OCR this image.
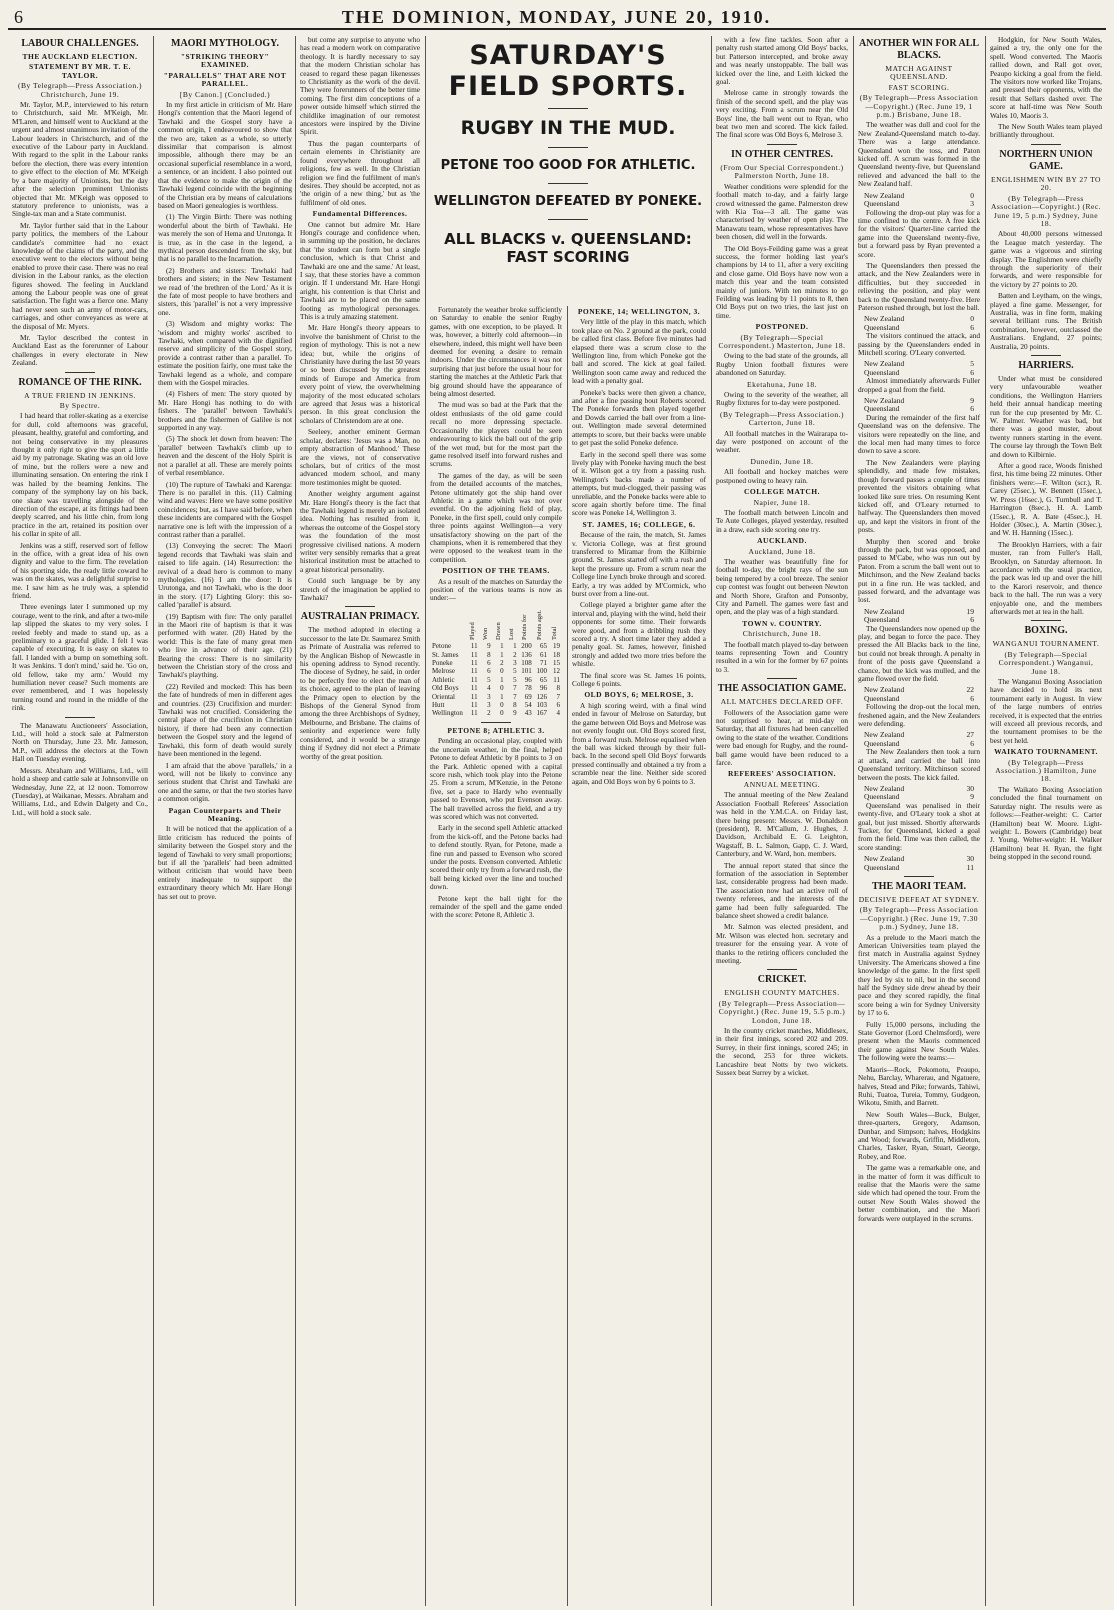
6	THE DOMINION, MONDAY, JUNE 20, 1910.
LABOUR CHALLENGES.
THE AUCKLAND ELECTION.
STATEMENT BY MR. T. E. TAYLOR.
(By Telegraph—Press Association.) Christchurch, June 19.

Mr. Taylor, M.P., interviewed to his return to Christchurch, said Mr. M'Keigh, Mr. M'Laren, and himself went to Auckland at the urgent and almost unanimous invitation of the Labour leaders in Christchurch, and of the executive of the Labour party in Auckland. With regard to the split in the Labour ranks before the election, there was every intention to give effect to the election of Mr. M'Keigh by a bare majority of Unionists, but the day after the selection prominent Unionists objected that Mr. M'Keigh was opposed to statutory preference to unionists, was a Single-tax man and a State communist.

Mr. Taylor further said that in the Labour party politics, the members of the Labour candidate's committee had no exact knowledge of the claims of the party, and the executive went to the electors without being enabled to prove their case. There was no real division in the Labour ranks, as the election figures showed. The feeling in Auckland among the Labour people was one of great satisfaction. The fight was a fierce one. Many had never seen such an army of motor-cars, carriages, and other conveyances as were at the disposal of Mr. Myers.

Mr. Taylor described the contest in Auckland East as the forerunner of Labour challenges in every electorate in New Zealand.

ROMANCE OF THE RINK.
A TRUE FRIEND IN JENKINS.
By Spectre.

I had heard that roller-skating as a exercise for dull, cold afternoons was graceful, pleasant, healthy, grateful and comforting, and not being conservative in my pleasures thought it only right to give the sport a little aid by my patronage. Skating was an old love of mine, but the rollers were a new and illuminating sensation. On entering the rink I was hailed by the beaming Jenkins. The company of the symphony lay on his back, one skate was travelling alongside of the direction of the escape, at its fittings had been deeply scarred, and his little chin, from long practice in the art, retained its position over his collar in spite of all.

Jenkins was a stiff, reserved sort of fellow in the office, with a great idea of his own dignity and value to the firm. The revelation of his sporting side, the ready little coward he was on the skates, was a delightful surprise to me. I saw him as he truly was, a splendid friend.

Three evenings later I summoned up my courage, went to the rink, and after a two-mile lap slipped the skates to my very soles. I reeled feebly and made to stand up, as a preliminary to a graceful glide. I felt I was capable of executing. It is easy on skates to fall. I landed with a bump on something soft. It was Jenkins. 'I don't mind,' said he. 'Go on, old fellow, take my arm.' Would my humiliation never cease? Such moments are ever remembered, and I was hopelessly turning round and round in the middle of the rink.

The Manawatu Auctioneers' Association, Ltd., will hold a stock sale at Palmerston North on Thursday, June 23. Mr. Jameson, M.P., will address the electors at the Town Hall on Tuesday evening.

Messrs. Abraham and Williams, Ltd., will hold a sheep and cattle sale at Johnsonville on Wednesday, June 22, at 12 noon. Tomorrow (Tuesday), at Waikanae, Messrs. Abraham and Williams, Ltd., and Edwin Dalgety and Co., Ltd., will hold a stock sale.

MAORI MYTHOLOGY.
"STRIKING THEORY" EXAMINED.
"PARALLELS" THAT ARE NOT PARALLEL.
[By Canon.] (Concluded.)

In my first article in criticism of Mr. Hare Hongi's contention that the Maori legend of Tawhaki and the Gospel story have a common origin, I endeavoured to show that the two are, taken as a whole, so utterly dissimilar that comparison is almost impossible, although there may be an occasional superficial resemblance in a word, a sentence, or an incident. I also pointed out that the evidence to make the origin of the Tawhaki legend coincide with the beginning of the Christian era by means of calculations based on Maori genealogies is worthless.

(1) The Virgin Birth: There was nothing wonderful about the birth of Tawhaki. He was merely the son of Hema and Urutonga. It is true, as in the case in the legend, a mythical person descended from the sky, but that is no parallel to the Incarnation.

(2) Brothers and sisters: Tawhaki had brothers and sisters; in the New Testament we read of 'the brethren of the Lord.' As it is the fate of most people to have brothers and sisters, this 'parallel' is not a very impressive one.

(3) Wisdom and mighty works: The 'wisdom and mighty works' ascribed to Tawhaki, when compared with the dignified reserve and simplicity of the Gospel story, provide a contrast rather than a parallel. To estimate the position fairly, one must take the Tawhaki legend as a whole, and compare them with the Gospel miracles.

(4) Fishers of men: The story quoted by Mr. Hare Hongi has nothing to do with fishers. The 'parallel' between Tawhaki's brothers and the fishermen of Galilee is not supported in any way.

(5) The shock let down from heaven: The 'parallel' between Tawhaki's climb up to heaven and the descent of the Holy Spirit is not a parallel at all. These are merely points of verbal resemblance.

(10) The rupture of Tawhaki and Karenga: There is no parallel in this. (11) Calming wind and waves: Here we have some positive coincidences; but, as I have said before, when these incidents are compared with the Gospel narrative one is left with the impression of a contrast rather than a parallel.

(13) Conveying the secret: The Maori legend records that Tawhaki was slain and raised to life again. (14) Resurrection: the revival of a dead hero is common to many mythologies. (16) I am the door: It is Urutonga, and not Tawhaki, who is the door in the story. (17) Lighting Glory: this so-called 'parallel' is absurd.

(19) Baptism with fire: The only parallel in the Maori rite of baptism is that it was performed with water. (20) Hated by the world: This is the fate of many great men who live in advance of their age. (21) Bearing the cross: There is no similarity between the Christian story of the cross and Tawhaki's plaything.

(22) Reviled and mocked: This has been the fate of hundreds of men in different ages and countries. (23) Crucifixion and murder: Tawhaki was not crucified. Considering the central place of the crucifixion in Christian history, if there had been any connection between the Gospel story and the legend of Tawhaki, this form of death would surely have been mentioned in the legend.

I am afraid that the above 'parallels,' in a word, will not be likely to convince any serious student that Christ and Tawhaki are one and the same, or that the two stories have a common origin.

Pagan Counterparts and Their Meaning.

It will be noticed that the application of a little criticism has reduced the points of similarity between the Gospel story and the legend of Tawhaki to very small proportions; but if all the 'parallels' had been admitted without criticism that would have been entirely inadequate to support the extraordinary theory which Mr. Hare Hongi has set out to prove.

but come any surprise to anyone who has read a modern work on comparative theology. It is hardly necessary to say that the modern Christian scholar has ceased to regard these pagan likenesses to Christianity as the work of the devil. They were forerunners of the better time coming. The first dim conceptions of a power outside himself which stirred the childlike imagination of our remotest ancestors were inspired by the Divine Spirit.

Thus the pagan counterparts of certain elements in Christianity are found everywhere throughout all religions, few as well. In the Christian religion we find the fulfilment of man's desires. They should be accepted, not as 'the origin of a new thing,' but as 'the fulfilment' of old ones.

Fundamental Differences.

One cannot but admire Mr. Hare Hongi's courage and confidence when, in summing up the position, he declares that 'the student can form but a single conclusion, which is that Christ and Tawhaki are one and the same.' At least, I say, that these stories have a common origin. If I understand Mr. Hare Hongi aright, his contention is that Christ and Tawhaki are to be placed on the same footing as mythological personages. This is a truly amazing statement.

Mr. Hare Hongi's theory appears to involve the banishment of Christ to the region of mythology. This is not a new idea; but, while the origins of Christianity have during the last 50 years or so been discussed by the greatest minds of Europe and America from every point of view, the overwhelming majority of the most educated scholars are agreed that Jesus was a historical person. In this great conclusion the scholars of Christendom are at one.

Seeleey, another eminent German scholar, declares: 'Jesus was a Man, no empty abstraction of Manhood.' These are the views, not of conservative scholars, but of critics of the most advanced modern school, and many more testimonies might be quoted.

Another weighty argument against Mr. Hare Hongi's theory is the fact that the Tawhaki legend is merely an isolated idea. Nothing has resulted from it, whereas the outcome of the Gospel story was the foundation of the most progressive civilised nations. A modern writer very sensibly remarks that a great historical institution must be attached to a great historical personality.

Could such language be by any stretch of the imagination be applied to Tawhaki?

AUSTRALIAN PRIMACY.

The method adopted in electing a successor to the late Dr. Saumarez Smith as Primate of Australia was referred to by the Anglican Bishop of Newcastle in his opening address to Synod recently. The diocese of Sydney, he said, in order to be perfectly free to elect the man of its choice, agreed to the plan of leaving the Primacy open to election by the Bishops of the General Synod from among the three Archbishops of Sydney, Melbourne, and Brisbane. The claims of seniority and experience were fully considered, and it would be a strange thing if Sydney did not elect a Primate worthy of the great position.

SATURDAY'S FIELD SPORTS.
RUGBY IN THE MUD.
PETONE TOO GOOD FOR ATHLETIC.
WELLINGTON DEFEATED BY PONEKE.
ALL BLACKS v. QUEENSLAND: FAST SCORING

Fortunately the weather broke sufficiently on Saturday to enable the senior Rugby games, with one exception, to be played. It was, however, a bitterly cold afternoon—in elsewhere, indeed, this might well have been deemed for evening a desire to remain indoors. Under the circumstances it was not surprising that just before the usual hour for starting the matches at the Athletic Park that big ground should have the appearance of being almost deserted.

The mud was so bad at the Park that the oldest enthusiasts of the old game could recall no more depressing spectacle. Occasionally the players could be seen endeavouring to kick the ball out of the grip of the wet mud, but for the most part the game resolved itself into forward rushes and scrums.

The games of the day, as will be seen from the detailed accounts of the matches, Petone ultimately got the ship hand over Athletic in a game which was not over eventful. On the adjoining field of play, Poneke, in the first spell, could only compile three points against Wellington—a very unsatisfactory showing on the part of the champions, when it is remembered that they were opposed to the weakest team in the competition.

POSITION OF THE TEAMS.

As a result of the matches on Saturday the position of the various teams is now as under:—

	Played	Won	Drawn	Lost	Points for	Points agst.	Total
Petone	11	9	1	1	200	65	19
St. James	11	8	1	2	136	61	18
Poneke	11	6	2	3	108	71	15
Melrose	11	6	0	5	101	100	12
Athletic	11	5	1	5	96	65	11
Old Boys	11	4	0	7	78	96	8
Oriental	11	3	1	7	69	126	7
Hutt	11	3	0	8	54	103	6
Wellington	11	2	0	9	43	167	4
PETONE 8; ATHLETIC 3.

Pending an occasional play, coupled with the uncertain weather, in the final, helped Petone to defeat Athletic by 8 points to 3 on the Park. Athletic opened with a capital score rush, which took play into the Petone 25. From a scrum, M'Kenzie, in the Petone five, set a pace to Hardy who eventually passed to Evenson, who put Evenson away. The ball travelled across the field, and a try was scored which was not converted.

Early in the second spell Athletic attacked from the kick-off, and the Petone backs had to defend stoutly. Ryan, for Petone, made a fine run and passed to Evenson who scored under the posts. Evenson converted. Athletic scored their only try from a forward rush, the ball being kicked over the line and touched down.

Petone kept the ball tight for the remainder of the spell and the game ended with the score: Petone 8, Athletic 3.

PONEKE, 14; WELLINGTON, 3.

Very little of the play in this match, which took place on No. 2 ground at the park, could be called first class. Before five minutes had elapsed there was a scrum close to the Wellington line, from which Poneke got the ball and scored. The kick at goal failed. Wellington soon came away and reduced the lead with a penalty goal.

Poneke's backs were then given a chance, and after a fine passing bout Roberts scored. The Poneke forwards then played together and Dowds carried the ball over from a line-out. Wellington made several determined attempts to score, but their backs were unable to get past the solid Poneke defence.

Early in the second spell there was some lively play with Poneke having much the best of it. Wilson got a try from a passing rush. Wellington's backs made a number of attempts, but mud-clogged, their passing was unreliable, and the Poneke backs were able to score again shortly before time. The final score was Poneke 14, Wellington 3.

ST. JAMES, 16; COLLEGE, 6.

Because of the rain, the match, St. James v. Victoria College, was at first ground transferred to Miramar from the Kilbirnie ground. St. James started off with a rush and kept the pressure up. From a scrum near the College line Lynch broke through and scored. Early, a try was added by M'Cormick, who burst over from a line-out.

College played a brighter game after the interval and, playing with the wind, held their opponents for some time. Their forwards were good, and from a dribbling rush they scored a try. A short time later they added a penalty goal. St. James, however, finished strongly and added two more tries before the whistle.

The final score was St. James 16 points, College 6 points.

OLD BOYS, 6; MELROSE, 3.

A high scoring weird, with a final wind ended in favour of Melrose on Saturday, but the game between Old Boys and Melrose was not evenly fought out. Old Boys scored first, from a forward rush. Melrose equalised when the ball was kicked through by their full-back. In the second spell Old Boys' forwards pressed continually and obtained a try from a scramble near the line. Neither side scored again, and Old Boys won by 6 points to 3.

with a few fine tackles. Soon after a penalty rush started among Old Boys' backs, but Patterson intercepted, and broke away and was nearly unstoppable. The ball was kicked over the line, and Leith kicked the goal.

Melrose came in strongly towards the finish of the second spell, and the play was very exciting. From a scrum near the Old Boys' line, the ball went out to Ryan, who beat two men and scored. The kick failed. The final score was Old Boys 6, Melrose 3.

IN OTHER CENTRES.
(From Our Special Correspondent.) Palmerston North, June 18.

Weather conditions were splendid for the football match to-day, and a fairly large crowd witnessed the game. Palmerston drew with Kia Toa—3 all. The game was characterised by weather of open play. The Manawatu team, whose representatives have been chosen, did well in the forwards.

The Old Boys-Feilding game was a great success, the former holding last year's champions by 14 to 11, after a very exciting and close game. Old Boys have now won a match this year and the team consisted mainly of juniors. With ten minutes to go Feilding was leading by 11 points to 8, then Old Boys put on two tries, the last just on time.

POSTPONED.
(By Telegraph—Special Correspondent.) Masterton, June 18.

Owing to the bad state of the grounds, all Rugby Union football fixtures were abandoned on Saturday.

Eketahuna, June 18.

Owing to the severity of the weather, all Rugby fixtures for to-day were postponed.

(By Telegraph—Press Association.) Carterton, June 18.

All football matches in the Wairarapa to-day were postponed on account of the weather.

Dunedin, June 18.

All football and hockey matches were postponed owing to heavy rain.

COLLEGE MATCH.
Napier, June 18.

The football match between Lincoln and Te Aute Colleges, played yesterday, resulted in a draw, each side scoring one try.

AUCKLAND.
Auckland, June 18.

The weather was beautifully fine for football to-day, the bright rays of the sun being tempered by a cool breeze. The senior cup contest was fought out between Newton and North Shore, Grafton and Ponsonby, City and Parnell. The games were fast and open, and the play was of a high standard.

TOWN v. COUNTRY.
Christchurch, June 18.

The football match played to-day between teams representing Town and Country resulted in a win for the former by 67 points to 3.

THE ASSOCIATION GAME.
ALL MATCHES DECLARED OFF.

Followers of the Association game were not surprised to hear, at mid-day on Saturday, that all fixtures had been cancelled owing to the state of the weather. Conditions were bad enough for Rugby, and the round-ball game would have been reduced to a farce.

REFEREES' ASSOCIATION.
ANNUAL MEETING.

The annual meeting of the New Zealand Association Football Referees' Association was held in the Y.M.C.A. on Friday last, there being present: Messrs. W. Donaldson (president), R. M'Callum, J. Hughes, J. Davidson, Archibald E. G. Leighton, Wagstaff, B. L. Salmon, Gapp, C. J. Ward, Canterbury, and W. Ward, hon. members.

The annual report stated that since the formation of the association in September last, considerable progress had been made. The association now had an active roll of twenty referees, and the interests of the game had been fully safeguarded. The balance sheet showed a credit balance.

Mr. Salmon was elected president, and Mr. Wilson was elected hon. secretary and treasurer for the ensuing year. A vote of thanks to the retiring officers concluded the meeting.

CRICKET.
ENGLISH COUNTY MATCHES.
(By Telegraph—Press Association—Copyright.) (Rec. June 19, 5.5 p.m.) London, June 18.

In the county cricket matches, Middlesex, in their first innings, scored 202 and 209. Surrey, in their first innings, scored 245; in the second, 253 for three wickets. Lancashire beat Notts by two wickets. Sussex beat Surrey by a wicket.

ANOTHER WIN FOR ALL BLACKS.
MATCH AGAINST QUEENSLAND.
FAST SCORING.
(By Telegraph—Press Association—Copyright.) (Rec. June 19, 1 p.m.) Brisbane, June 18.

The weather was dull and cool for the New Zealand-Queensland match to-day. There was a large attendance. Queensland won the toss, and Paton kicked off. A scrum was formed in the Queensland twenty-five, but Queensland relieved and advanced the ball to the New Zealand half.

New Zealand	0
Queensland	3

Following the drop-out play was for a time confined to the centre. A free kick for the visitors' Quarter-line carried the game into the Queensland twenty-five, but a forward pass by Ryan prevented a score.

The Queenslanders then pressed the attack, and the New Zealanders were in difficulties, but they succeeded in relieving the position, and play went back to the Queensland twenty-five. Here Paterson rushed through, but lost the ball.

New Zealand	0
Queensland	6

The visitors continued the attack, and passing by the Queenslanders ended in Mitchell scoring. O'Leary converted.

New Zealand	5
Queensland	6

Almost immediately afterwards Fuller dropped a goal from the field.

New Zealand	9
Queensland	6

During the remainder of the first half Queensland was on the defensive. The visitors were repeatedly on the line, and the local men had many times to force down to save a score.

The New Zealanders were playing splendidly, and made few mistakes, though forward passes a couple of times prevented the visitors obtaining what looked like sure tries. On resuming Kent kicked off, and O'Leary returned to halfway. The Queenslanders then moved up, and kept the visitors in front of the posts.

Murphy then scored and broke through the pack, but was opposed, and passed to M'Cabe, who was run out by Paton. From a scrum the ball went out to Mitchinson, and the New Zealand backs put in a fine run. He was tackled, and passed forward, and the advantage was lost.

New Zealand	19
Queensland	6

The Queenslanders now opened up the play, and began to force the pace. They pressed the All Blacks back to the line, but could not break through. A penalty in front of the posts gave Queensland a chance, but the kick was mulled, and the game flowed over the field.

New Zealand	22
Queensland	6

Following the drop-out the local men, freshened again, and the New Zealanders were defending.

New Zealand	27
Queensland	6

The New Zealanders then took a turn at attack, and carried the ball into Queensland territory. Mitchinson scored between the posts. The kick failed.

New Zealand	30
Queensland	9

Queensland was penalised in their twenty-five, and O'Leary took a shot at goal, but just missed. Shortly afterwards Tucker, for Queensland, kicked a goal from the field. Time was then called, the score standing:

New Zealand	30
Queensland	11
THE MAORI TEAM.
DECISIVE DEFEAT AT SYDNEY.
(By Telegraph—Press Association—Copyright.) (Rec. June 19, 7.30 p.m.) Sydney, June 18.

As a prelude to the Maori match the American Universities team played the first match in Australia against Sydney University. The Americans showed a fine knowledge of the game. In the first spell they led by six to nil, but in the second half the Sydney side drew ahead by their pace and they scored rapidly, the final score being a win for Sydney University by 17 to 6.

Fully 15,000 persons, including the State Governor (Lord Chelmsford), were present when the Maoris commenced their game against New South Wales. The following were the teams:—

Maoris—Rock, Pokomotu, Peaupo, Nehu, Barclay, Wharerau, and Ngatuere, halves, Stead and Pike; forwards, Tahiwi, Ruhi, Tuatoa, Tureia, Tommy, Gudgeon, Wikotu, Smith, and Barrett.

New South Wales—Buck, Bulger, three-quarters, Gregory, Adamson, Dunbar, and Simpson; halves, Hodgkins and Wood; forwards, Griffin, Middleton, Charles, Tasker, Ryan, Stuart, George, Robey, and Roe.

The game was a remarkable one, and in the matter of form it was difficult to realise that the Maoris were the same side which had opened the tour. From the outset New South Wales showed the better combination, and the Maori forwards were outplayed in the scrums.

Hodgkin, for New South Wales, gained a try, the only one for the spell. Wood converted. The Maoris rallied down, and Rall got over, Peaupo kicking a goal from the field. The visitors now worked like Trojans, and pressed their opponents, with the result that Sellars dashed over. The score at half-time was New South Wales 10, Maoris 3.

The New South Wales team played brilliantly throughout.

NORTHERN UNION GAME.
ENGLISHMEN WIN BY 27 TO 20.
(By Telegraph—Press Association—Copyright.) (Rec. June 19, 5 p.m.) Sydney, June 18.

About 40,000 persons witnessed the League match yesterday. The game was a vigorous and stirring display. The Englishmen were chiefly through the superiority of their forwards, and were responsible for the victory by 27 points to 20.

Batten and Leytham, on the wings, played a fine game. Messenger, for Australia, was in fine form, making several brilliant runs. The British combination, however, outclassed the Australians. England, 27 points; Australia, 20 points.

HARRIERS.

Under what must be considered very unfavourable weather conditions, the Wellington Harriers held their annual handicap meeting run for the cup presented by Mr. C. W. Palmer. Weather was bad, but there was a good muster, about twenty runners starting in the event. The course lay through the Town Belt and down to Kilbirnie.

After a good race, Woods finished first, his time being 22 minutes. Other finishers were:—F. Wilton (scr.), R. Carey (25sec.), W. Bennett (15sec.), W. Press (16sec.), G. Turnbull and T. Harrington (8sec.), H. A. Lamb (15sec.), R. A. Bate (45sec.), H. Holder (30sec.), A. Martin (30sec.), and W. H. Hanning (15sec.).

The Brooklyn Harriers, with a fair muster, ran from Fuller's Hall, Brooklyn, on Saturday afternoon. In accordance with the usual practice, the pack was led up and over the hill to the Karori reservoir, and thence back to the hall. The run was a very enjoyable one, and the members afterwards met at tea in the hall.

BOXING.
WANGANUI TOURNAMENT.
(By Telegraph—Special Correspondent.) Wanganui, June 18.

The Wanganui Boxing Association have decided to hold its next tournament early in August. In view of the large numbers of entries received, it is expected that the entries will exceed all previous records, and the tournament promises to be the best yet held.

WAIKATO TOURNAMENT.
(By Telegraph—Press Association.) Hamilton, June 18.

The Waikato Boxing Association concluded the final tournament on Saturday night. The results were as follows:—Feather-weight: C. Carter (Hamilton) beat W. Moore. Light-weight: L. Bowers (Cambridge) beat J. Young. Welter-weight: H. Walker (Hamilton) beat H. Ryan, the fight being stopped in the second round.
